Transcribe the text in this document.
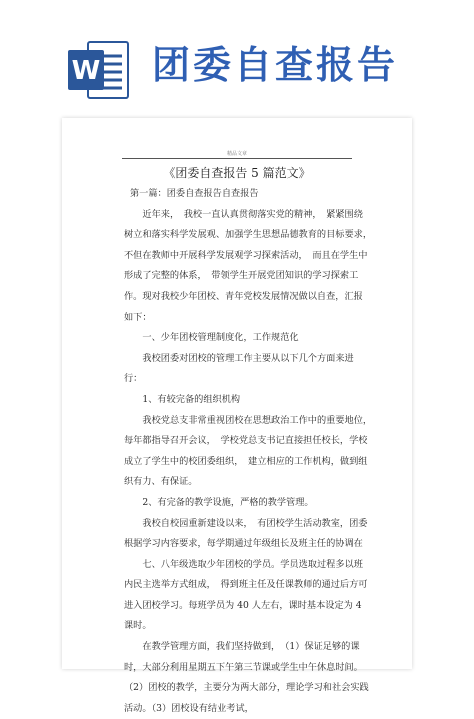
W 团委自查报告
精品文章
《团委自查报告 5 篇范文》

第一篇：团委自查报告自查报告

近年来，　我校一直认真贯彻落实党的精神，　紧紧围绕树立和落实科学发展观、加强学生思想品德教育的目标要求，　不但在教师中开展科学发展观学习探索活动，　而且在学生中形成了完整的体系，　带领学生开展党团知识的学习探索工作。现对我校少年团校、青年党校发展情况做以自查，汇报如下：

一、少年团校管理制度化，工作规范化

我校团委对团校的管理工作主要从以下几个方面来进行：

1、有较完备的组织机构

我校党总支非常重视团校在思想政治工作中的重要地位，　每年都指导召开会议，　学校党总支书记直接担任校长，学校成立了学生中的校团委组织，　建立相应的工作机构，做到组织有力、有保证。

2、有完备的教学设施，严格的教学管理。

我校自校园重新建设以来，　有团校学生活动教室，团委根据学习内容要求，每学期通过年级组长及班主任的协调在

七、八年级选取少年团校的学员。学员选取过程多以班内民主选举方式组成，　得到班主任及任课教师的通过后方可进入团校学习。每班学员为 40 人左右，课时基本设定为 4 课时。

在教学管理方面，我们坚持做到，　（1）保证足够的课时，大部分利用星期五下午第三节课或学生中午休息时间。（2）团校的教学，主要分为两大部分，理论学习和社会实践活动。（3）团校设有结业考试，
